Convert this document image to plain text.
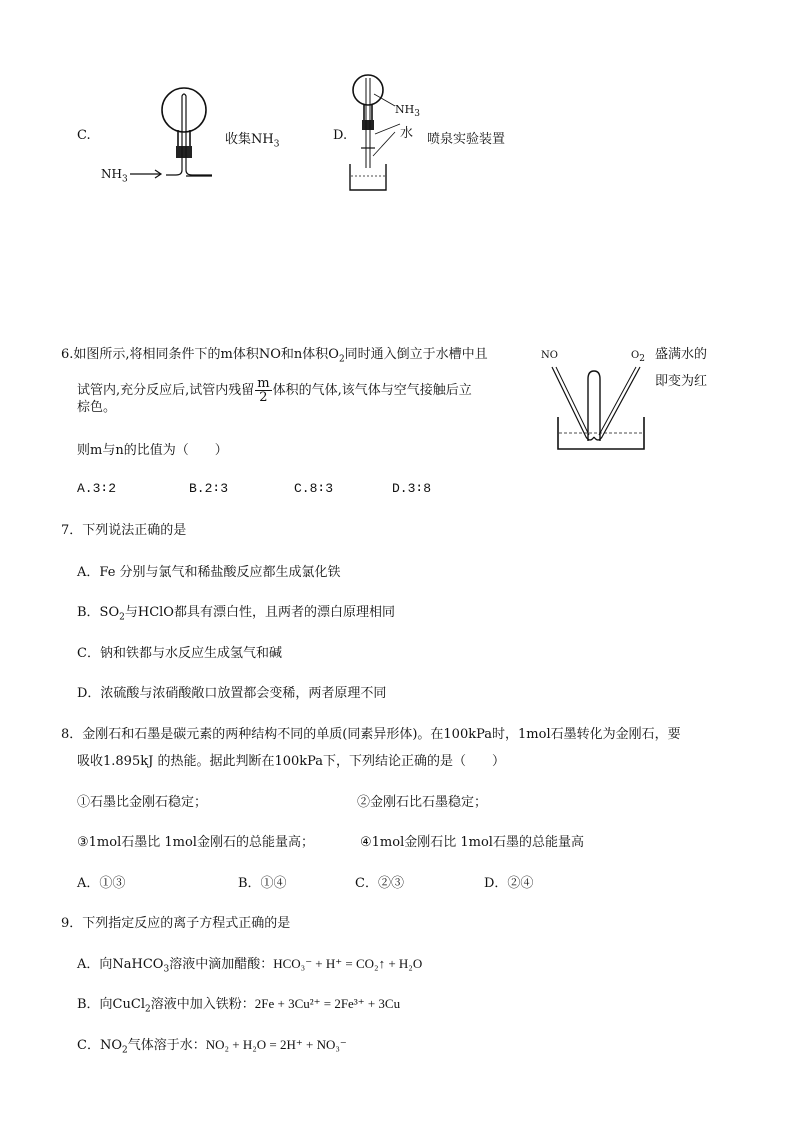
C.
$NH_3$
收集$NH_3$
D.
$NH_3$
水 喷泉实验装置
6.如图所示,将相同条件下的m体积NO和n体积$O_2$同时通入倒立于水槽中且	盛满水的
试管内,充分反应后,试管内残留 $\frac{m}{2}$ 体积的气体,该气体与空气接触后立
即变为红
棕色。
NO	$O_2$
则m与n的比值为（　　）
A.3∶2	B.2∶3	C.8∶3	D.3∶8
7．下列说法正确的是
A．Fe 分别与氯气和稀盐酸反应都生成氯化铁
B．$SO_2$与HClO都具有漂白性，且两者的漂白原理相同
C．钠和铁都与水反应生成氢气和碱
D．浓硫酸与浓硝酸敞口放置都会变稀，两者原理不同
8．金刚石和石墨是碳元素的两种结构不同的单质(同素异形体)。在100kPa时，1mol石墨转化为金刚石，要
吸收1.895kJ 的热能。据此判断在100kPa下，下列结论正确的是（　　）
①石墨比金刚石稳定；	②金刚石比石墨稳定；
③1mol石墨比 1mol金刚石的总能量高；	④1mol金刚石比 1mol石墨的总能量高
A．①③	B．①④	C．②③	D．②④
9．下列指定反应的离子方程式正确的是
A．向NaHCO$_3$溶液中滴加醋酸：HCO₃⁻ + H⁺ = CO₂↑ + H₂O
B．向CuCl$_2$溶液中加入铁粉：2Fe + 3Cu²⁺ = 2Fe³⁺ + 3Cu
C．$NO_2$气体溶于水：NO₂ + H₂O = 2H⁺ + NO₃⁻
